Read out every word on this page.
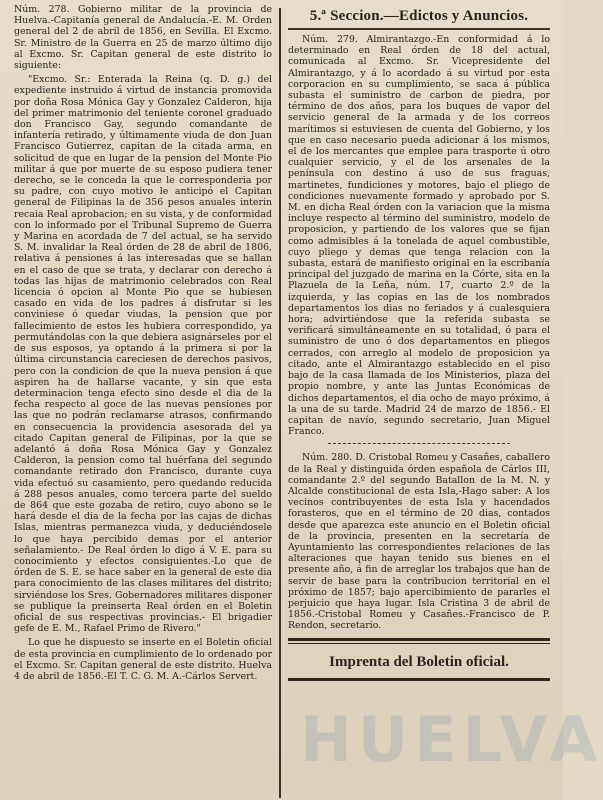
Núm. 278. Gobierno militar de la provincia de Huelva.-Capitanía general de Andalucía.-E. M. Orden general del 2 de abril de 1856, en Sevilla. El Excmo. Sr. Ministro de la Guerra en 25 de marzo último dijo al Excmo. Sr. Capitan general de este distrito lo siguiente:

"Excmo. Sr.: Enterada la Reina (q. D. g.) del expediente instruido á virtud de instancia promovida por doña Rosa Mónica Gay y Gonzalez Calderon, hija del primer matrimonio del teniente coronel graduado don Francisco Gay, segundo comandante de infantería retirado, y últimamente viuda de don Juan Francisco Gutierrez, capitan de la citada arma, en solicitud de que en lugar de la pension del Monte Pio militar á que por muerte de su esposo pudiera tener derecho, se le conceda la que le corresponderia por su padre, con cuyo motivo le anticipó el Capitan general de Filipinas la de 356 pesos anuales interin recaia Real aprobacion; en su vista, y de conformidad con lo informado por el Tribunal Supremo de Guerra y Marina en acordada de 7 del actual, se ha servido S. M. invalidar la Real órden de 28 de abril de 1806, relativa á pensiones á las interesadas que se hallan en el caso de que se trata, y declarar con derecho á todas las hijas de matrimonio celebrados con Real licencia ó opcion al Monte Pio que se hubiesen casado en vida de los padres á disfrutar si les conviniese ó quedar viudas, la pension que por fallecimiento de estos les hubiera correspondido, ya permutándolas con la que debiera asignárseles por el de sus esposos, ya optando á la primera si por la última circunstancia careciesen de derechos pasivos, pero con la condicion de que la nueva pension á que aspiren ha de hallarse vacante, y sin que esta determinacion tenga efecto sino desde el dia de la fecha respecto al goce de las nuevas pensiones por las que no podrán reclamarse atrasos, confirmando en consecuencia la providencia asesorada del ya citado Capitan general de Filipinas, por la que se adelantó á doña Rosa Mónica Gay y Gonzalez Calderon, la pension como tal huérfana del segundo comandante retirado don Francisco, durante cuya vida efectuó su casamiento, pero quedando reducida á 288 pesos anuales, como tercera parte del sueldo de 864 que este gozaba de retiro, cuyo abono se le hará desde el dia de la fecha por las cajas de dichas Islas, mientras permanezca viuda, y deduciéndosele lo que haya percibido demas por el anterior señalamiento.- De Real órden lo digo á V. E. para su conocimiento y efectos consiguientes.-Lo que de órden de S. E. se hace saber en la general de este dia para conocimiento de las clases militares del distrito; sirviéndose los Sres. Gobernadores militares disponer se publique la preinserta Real órden en el Boletin oficial de sus respectivas provincias.- El brigadier gefe de E. M., Rafael Primo de Rivero."

Lo que he dispuesto se inserte en el Boletin oficial de esta provincia en cumplimiento de lo ordenado por el Excmo. Sr. Capitan general de este distrito. Huelva 4 de abril de 1856.-El T. C. G. M. A.-Cárlos Servert.

5.ª Seccion.—Edictos y Anuncios.

Núm. 279. Almirantazgo.-En conformidad á lo determinado en Real órden de 18 del actual, comunicada al Excmo. Sr. Vicepresidente del Almirantazgo, y á lo acordado á su virtud por esta corporacion en su cumplimiento, se saca á pública subasta el suministro de carbon de piedra, por término de dos años, para los buques de vapor del servicio general de la armada y de los correos marítimos si estuviesen de cuenta del Gobierno, y los que en caso necesario pueda adicionar á los mismos, el de los mercantes que emplee para trasporte ú otro cualquier servicio, y el de los arsenales de la península con destino á uso de sus fraguas, martinetes, fundiciones y motores, bajo el pliego de condiciones nuevamente formado y aprobado por S. M. en dicha Real órden con la variacion que la misma incluye respecto al término del suministro, modelo de proposicion, y partiendo de los valores que se fijan como admisibles á la tonelada de aquel combustible, cuyo pliego y demas que tenga relacion con la subasta, estará de manifiesto original en la escribanía principal del juzgado de marina en la Córte, sita en la Plazuela de la Leña, núm. 17, cuarto 2.º de la izquierda, y las copias en las de los nombrados departamentos los dias no feriados y á cualesquiera hora; advirtiéndose que la referida subasta se verificará simultáneamente en su totalidad, ó para el suministro de uno ó dos departamentos en pliegos cerrados, con arreglo al modelo de proposicion ya citado, ante el Almirantazgo establecido en el piso bajo de la casa llamada de los Ministerios, plaza del propio nombre, y ante las Juntas Económicas de dichos departamentos, el dia ocho de mayo próximo, á la una de su tarde. Madrid 24 de marzo de 1856.- El capitan de navío, segundo secretario, Juan Miguel Franco.

Núm. 280. D. Cristobal Romeu y Casañes, caballero de la Real y distinguida órden española de Cárlos III, comandante 2.º del segundo Batallon de la M. N. y Alcalde constitucional de esta Isla,-Hago saber: A los vecinos contribuyentes de esta Isla y hacendados forasteros, que en el término de 20 dias, contados desde que aparezca este anuncio en el Boletin oficial de la provincia, presenten en la secretaría de Ayuntamiento las correspondientes relaciones de las alteraciones que hayan tenido sus bienes en el presente año, á fin de arreglar los trabajos que han de servir de base para la contribucion territorial en el próximo de 1857; bajo apercibimiento de pararles el perjuicio que haya lugar. Isla Cristina 3 de abril de 1856.-Cristobal Romeu y Casañes.-Francisco de P. Rendon, secretario.

Imprenta del Boletin oficial.
HUELVA
